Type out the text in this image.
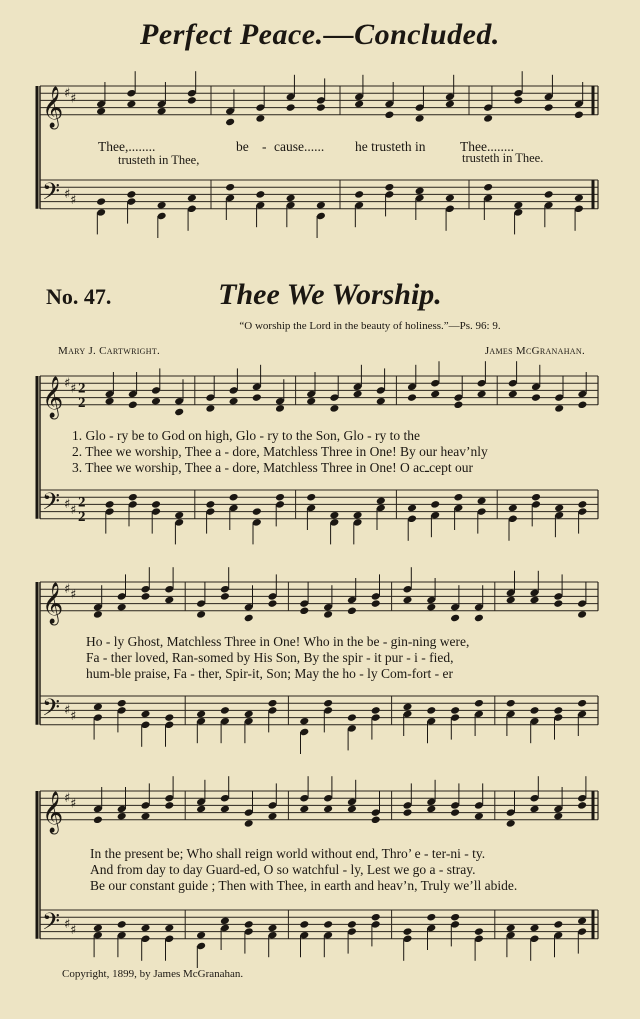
Perfect Peace.—Concluded.
No. 47.	Thee We Worship.
“O worship the Lord in the beauty of holiness.”—Ps. 96: 9.
Mary J. Cartwright.	James McGranahan.
Thee,........	be - cause...... he trusteth in	Thee........
trusteth in Thee,	trusteth in Thee.
1. Glo - ry be to God on high, Glo - ry to the Son, Glo - ry to the
2. Thee we worship, Thee a - dore, Matchless Three in One! By our heav’nly
3. Thee we worship, Thee a - dore, Matchless Three in One! O acـcept our
Ho - ly Ghost, Matchless Three in One! Who in the be - gin-ning were,
Fa - ther loved, Ran-somed by His Son, By the spir - it pur - i - fied,
hum-ble praise, Fa - ther, Spir-it, Son; May the ho - ly Com-fort - er
In the present be; Who shall reign world without end, Thro’ e - ter-ni - ty.
And from day to day Guard-ed, O so watchful - ly, Lest we go a - stray.
Be our constant guide ; Then with Thee, in earth and heav’n, Truly we’ll abide.
Copyright, 1899, by James McGranahan.
𝄞
𝄢
♯ ♯
♯ ♯
𝄞
𝄢
♯ ♯
♯ ♯
2
2
2
2
𝄞
𝄢
♯ ♯
♯ ♯
𝄞
𝄢
♯ ♯
♯ ♯
